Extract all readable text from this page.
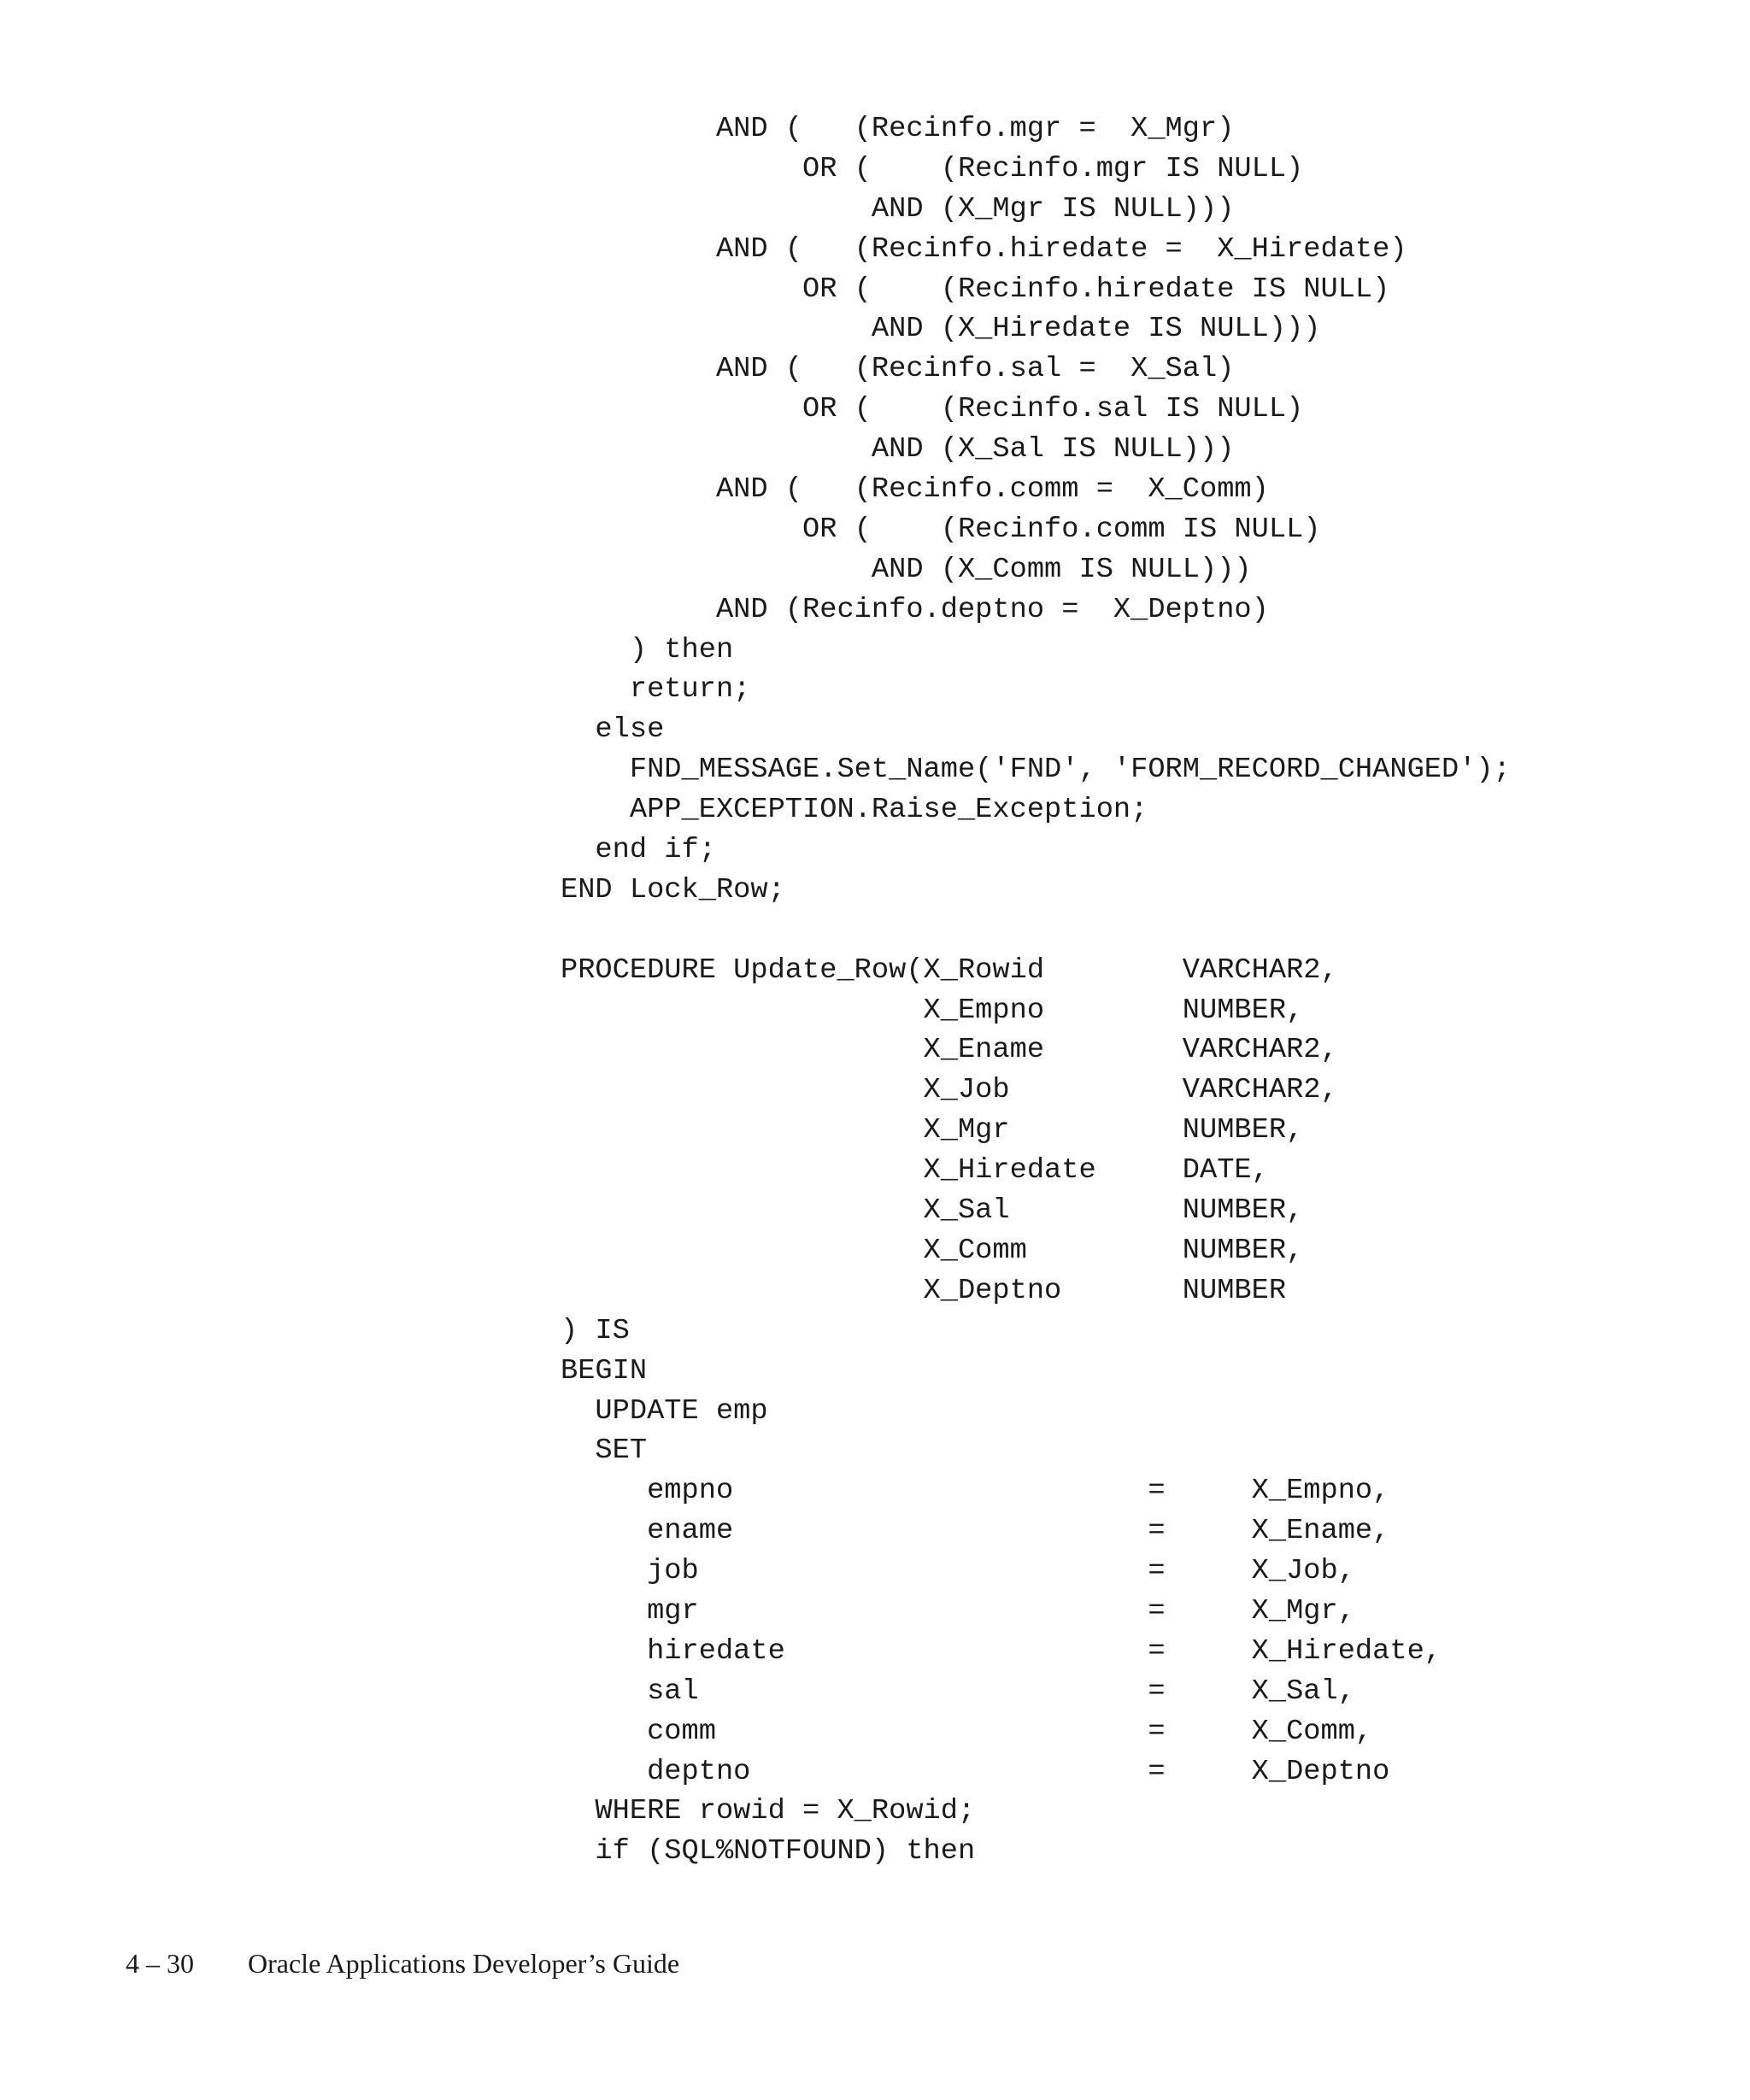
AND (   (Recinfo.mgr =  X_Mgr)
OR (    (Recinfo.mgr IS NULL)
AND (X_Mgr IS NULL)))
AND (   (Recinfo.hiredate =  X_Hiredate)
OR (    (Recinfo.hiredate IS NULL)
AND (X_Hiredate IS NULL)))
AND (   (Recinfo.sal =  X_Sal)
OR (    (Recinfo.sal IS NULL)
AND (X_Sal IS NULL)))
AND (   (Recinfo.comm =  X_Comm)
OR (    (Recinfo.comm IS NULL)
AND (X_Comm IS NULL)))
AND (Recinfo.deptno =  X_Deptno)
) then
return;
else
FND_MESSAGE.Set_Name('FND', 'FORM_RECORD_CHANGED');
APP_EXCEPTION.Raise_Exception;
end if;
END Lock_Row;

PROCEDURE Update_Row(X_Rowid        VARCHAR2,
X_Empno        NUMBER,
X_Ename        VARCHAR2,
X_Job          VARCHAR2,
X_Mgr          NUMBER,
X_Hiredate     DATE,
X_Sal          NUMBER,
X_Comm         NUMBER,
X_Deptno       NUMBER
) IS
BEGIN
UPDATE emp
SET
empno                        =     X_Empno,
ename                        =     X_Ename,
job                          =     X_Job,
mgr                          =     X_Mgr,
hiredate                     =     X_Hiredate,
sal                          =     X_Sal,
comm                         =     X_Comm,
deptno                       =     X_Deptno
WHERE rowid = X_Rowid;
if (SQL%NOTFOUND) then
4 – 30 Oracle Applications Developer’s Guide
